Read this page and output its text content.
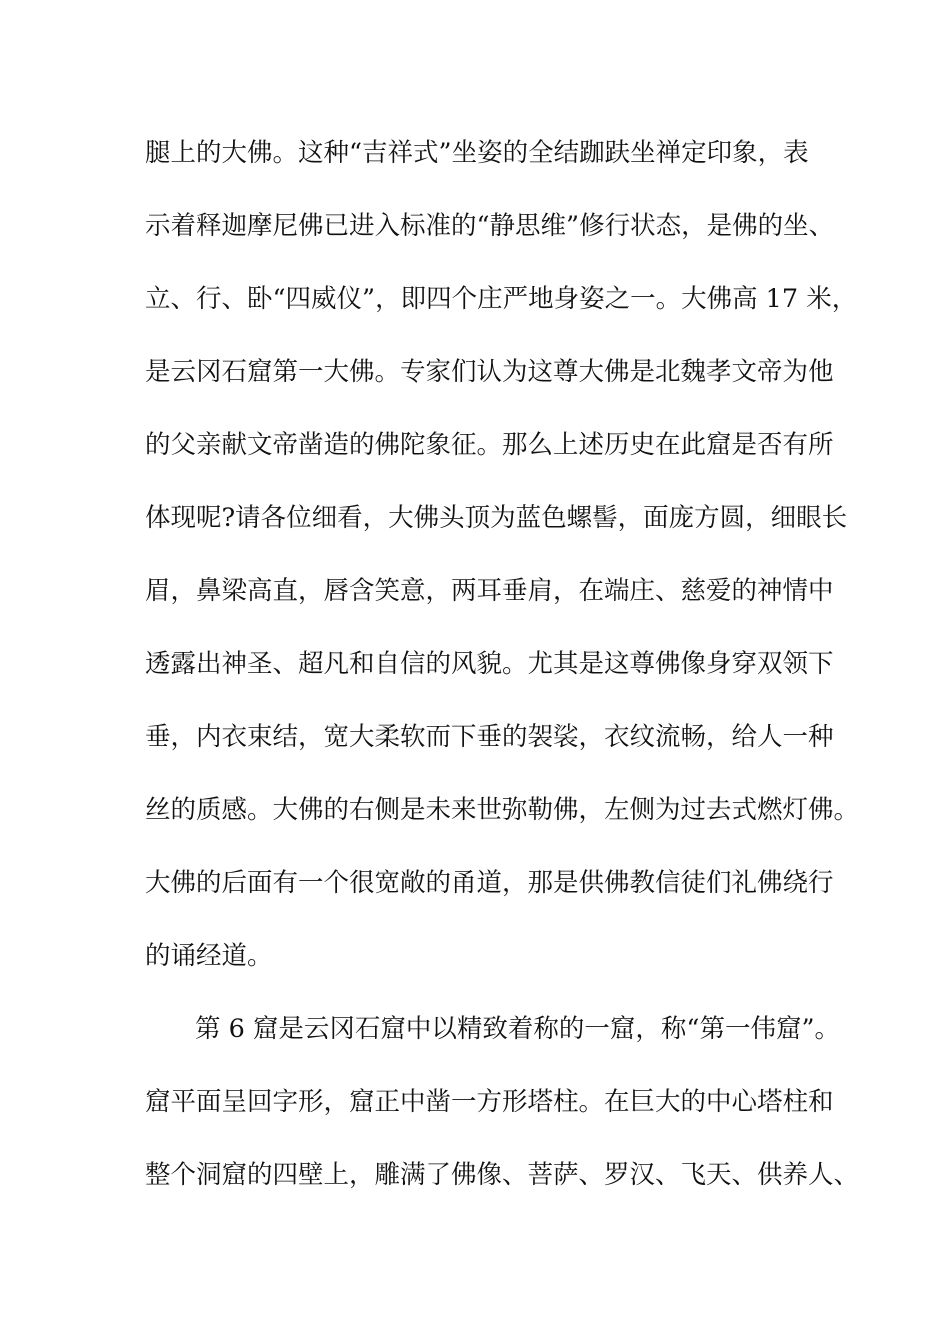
腿上的大佛。这种“吉祥式”坐姿的全结跏趺坐禅定印象，表
示着释迦摩尼佛已进入标准的“静思维”修行状态，是佛的坐、
立、行、卧“四威仪”，即四个庄严地身姿之一。大佛高 17 米，
是云冈石窟第一大佛。专家们认为这尊大佛是北魏孝文帝为他
的父亲献文帝凿造的佛陀象征。那么上述历史在此窟是否有所
体现呢?请各位细看，大佛头顶为蓝色螺髻，面庞方圆，细眼长
眉，鼻梁高直，唇含笑意，两耳垂肩，在端庄、慈爱的神情中
透露出神圣、超凡和自信的风貌。尤其是这尊佛像身穿双领下
垂，内衣束结，宽大柔软而下垂的袈裟，衣纹流畅，给人一种
丝的质感。大佛的右侧是未来世弥勒佛，左侧为过去式燃灯佛。
大佛的后面有一个很宽敞的甬道，那是供佛教信徒们礼佛绕行
的诵经道。
第 6 窟是云冈石窟中以精致着称的一窟，称“第一伟窟”。
窟平面呈回字形，窟正中凿一方形塔柱。在巨大的中心塔柱和
整个洞窟的四壁上，雕满了佛像、菩萨、罗汉、飞天、供养人、
